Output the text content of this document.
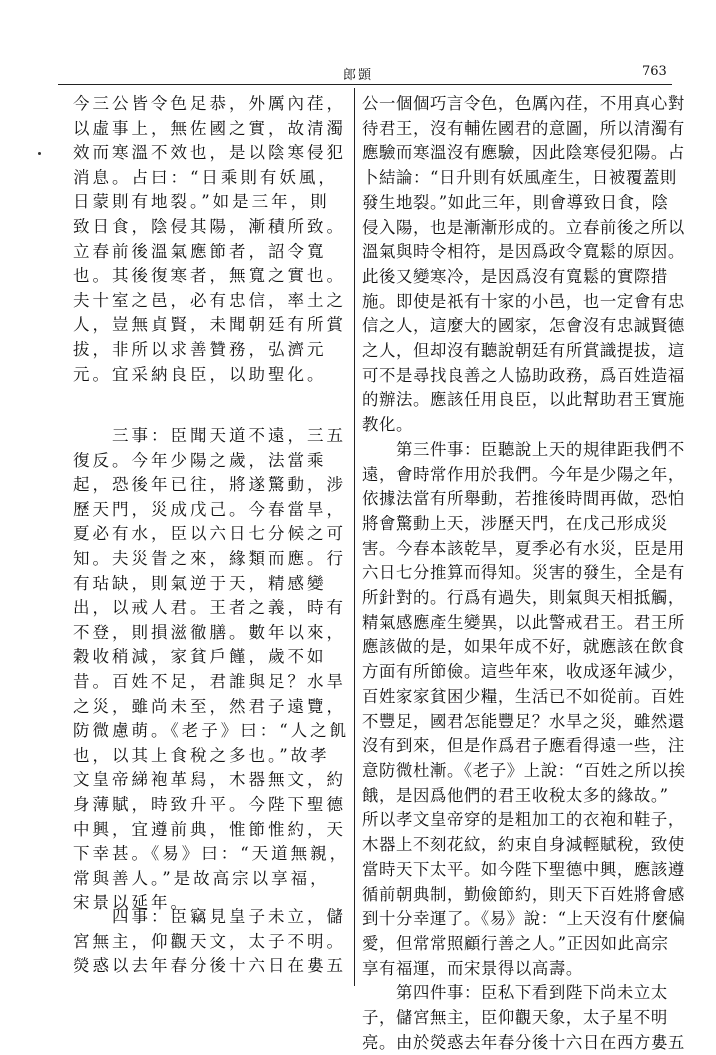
郎顗	763
今三公皆令色足恭，外厲內荏，
以虛事上，無佐國之實，故清濁
效而寒溫不效也，是以陰寒侵犯
消息。占曰：“日乘則有妖風，
日蒙則有地裂。”如是三年，則
致日食，陰侵其陽，漸積所致。
立春前後溫氣應節者，詔令寬
也。其後復寒者，無寬之實也。
夫十室之邑，必有忠信，率土之
人，豈無貞賢，未聞朝廷有所賞
拔，非所以求善贊務，弘濟元
元。宜采納良臣，以助聖化。
　　三事：臣聞天道不遠，三五
復反。今年少陽之歲，法當乘
起，恐後年已往，將遂驚動，涉
歷天門，災成戊己。今春當旱，
夏必有水，臣以六日七分候之可
知。夫災眚之來，緣類而應。行
有玷缺，則氣逆于天，精感變
出，以戒人君。王者之義，時有
不登，則損滋徹膳。數年以來，
穀收稍減，家貧戶饉，歲不如
昔。百姓不足，君誰與足？水旱
之災，雖尚未至，然君子遠覽，
防微慮萌。《老子》曰：“人之飢
也，以其上食稅之多也。”故孝
文皇帝綈袍革舄，木器無文，約
身薄賦，時致升平。今陛下聖德
中興，宜遵前典，惟節惟約，天
下幸甚。《易》曰：“天道無親，
常與善人。”是故高宗以享福，
宋景以延年。
　　四事：臣竊見皇子未立，儲
宮無主，仰觀天文，太子不明。
熒惑以去年春分後十六日在婁五
公一個個巧言令色，色厲內荏，不用真心對
待君王，沒有輔佐國君的意圖，所以清濁有
應驗而寒溫沒有應驗，因此陰寒侵犯陽。占
卜結論：“日升則有妖風產生，日被覆蓋則
發生地裂。”如此三年，則會導致日食，陰
侵入陽，也是漸漸形成的。立春前後之所以
溫氣與時令相符，是因爲政令寬鬆的原因。
此後又變寒冷，是因爲沒有寬鬆的實際措
施。即使是祇有十家的小邑，也一定會有忠
信之人，這麼大的國家，怎會沒有忠誠賢德
之人，但却沒有聽說朝廷有所賞識提拔，這
可不是尋找良善之人協助政務，爲百姓造福
的辦法。應該任用良臣，以此幫助君王實施
教化。
　　第三件事：臣聽說上天的規律距我們不
遠，會時常作用於我們。今年是少陽之年，
依據法當有所舉動，若推後時間再做，恐怕
將會驚動上天，涉歷天門，在戊己形成災
害。今春本該乾旱，夏季必有水災，臣是用
六日七分推算而得知。災害的發生，全是有
所針對的。行爲有過失，則氣與天相抵觸，
精氣感應產生變異，以此警戒君王。君王所
應該做的是，如果年成不好，就應該在飲食
方面有所節儉。這些年來，收成逐年減少，
百姓家家貧困少糧，生活已不如從前。百姓
不豐足，國君怎能豐足？水旱之災，雖然還
沒有到來，但是作爲君子應看得遠一些，注
意防微杜漸。《老子》上說：“百姓之所以挨
餓，是因爲他們的君王收稅太多的緣故。”
所以孝文皇帝穿的是粗加工的衣袍和鞋子，
木器上不刻花紋，約束自身減輕賦稅，致使
當時天下太平。如今陛下聖德中興，應該遵
循前朝典制，勤儉節約，則天下百姓將會感
到十分幸運了。《易》說：“上天沒有什麼偏
愛，但常常照顧行善之人。”正因如此高宗
享有福運，而宋景得以高壽。
　　第四件事：臣私下看到陛下尚未立太
子，儲宮無主，臣仰觀天象，太子星不明
亮。由於熒惑去年春分後十六日在西方婁五
